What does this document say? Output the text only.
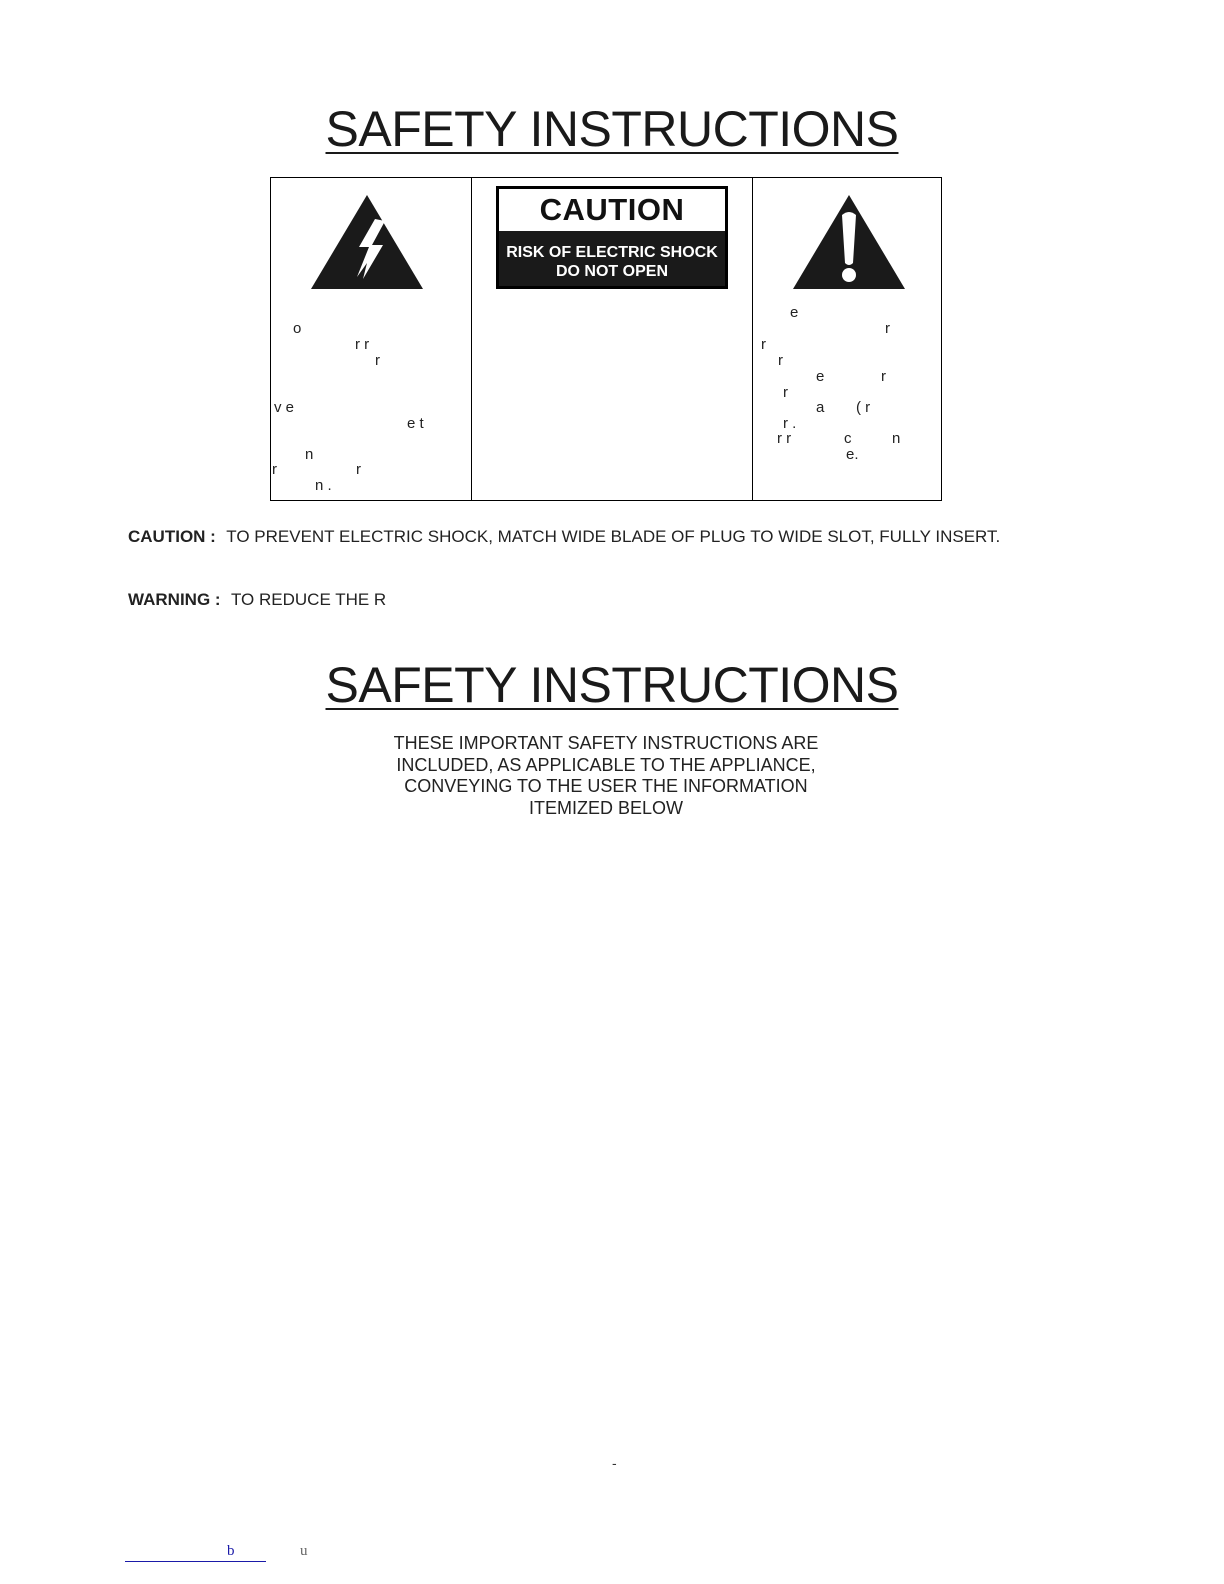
SAFETY INSTRUCTIONS
o
r r
r
v e
e t
n
r	r
n .
CAUTION
RISK OF ELECTRIC SHOCK
DO NOT OPEN
e
r
r
r
e	r
r
a ( r
r .
r r	c	n
e.

CAUTION : TO PREVENT ELECTRIC SHOCK, MATCH WIDE BLADE OF PLUG TO WIDE SLOT, FULLY INSERT.

WARNING : TO REDUCE THE R

SAFETY INSTRUCTIONS
THESE IMPORTANT SAFETY INSTRUCTIONS ARE
INCLUDED, AS APPLICABLE TO THE APPLIANCE,
CONVEYING TO THE USER THE INFORMATION
ITEMIZED BELOW
-
b	u
